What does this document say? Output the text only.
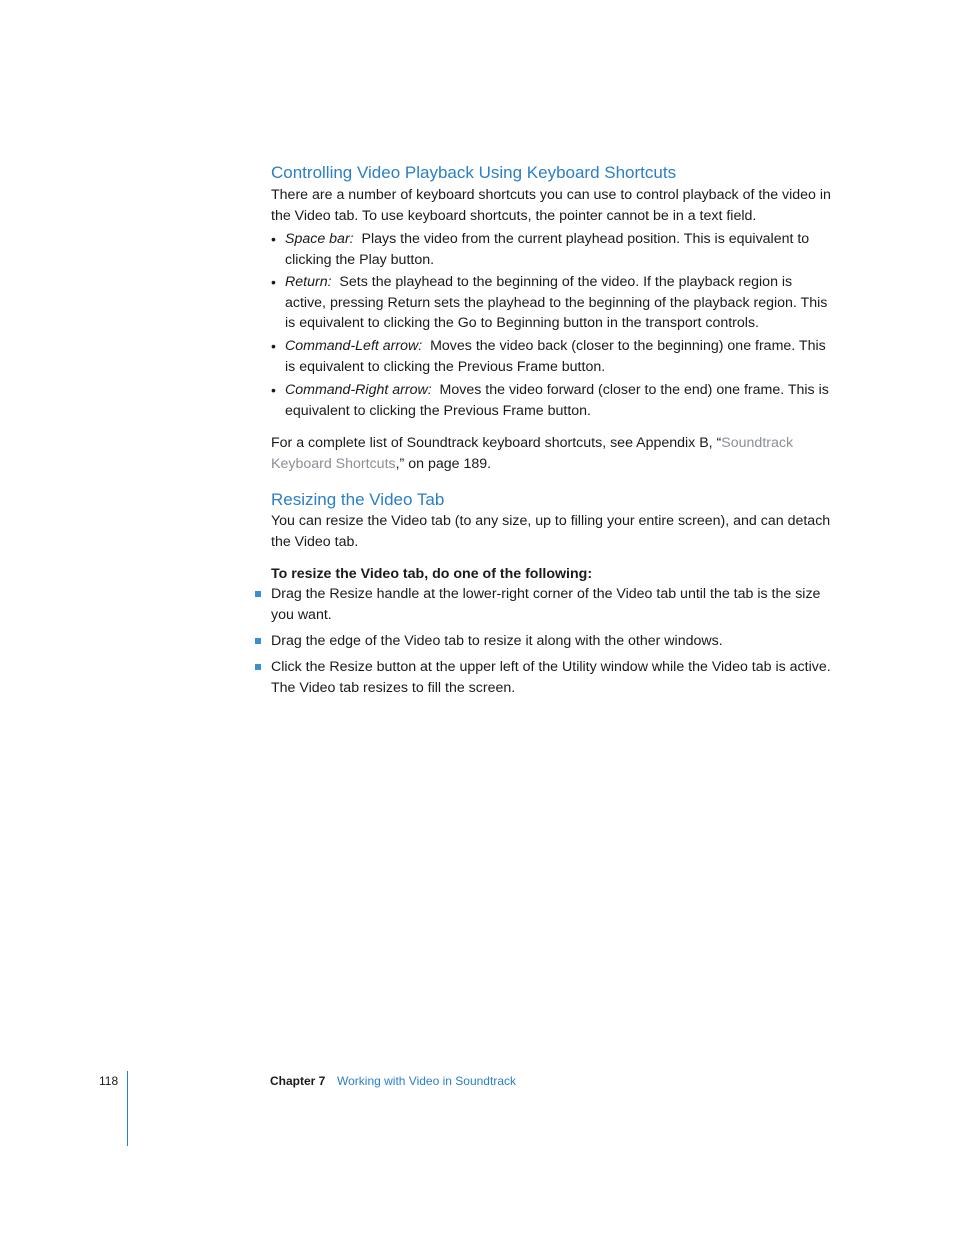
Controlling Video Playback Using Keyboard Shortcuts
There are a number of keyboard shortcuts you can use to control playback of the video in the Video tab. To use keyboard shortcuts, the pointer cannot be in a text field.
• Space bar: Plays the video from the current playhead position. This is equivalent to clicking the Play button.
• Return: Sets the playhead to the beginning of the video. If the playback region is active, pressing Return sets the playhead to the beginning of the playback region. This is equivalent to clicking the Go to Beginning button in the transport controls.
• Command-Left arrow: Moves the video back (closer to the beginning) one frame. This is equivalent to clicking the Previous Frame button.
• Command-Right arrow: Moves the video forward (closer to the end) one frame. This is equivalent to clicking the Previous Frame button.
For a complete list of Soundtrack keyboard shortcuts, see Appendix B, “Soundtrack Keyboard Shortcuts,” on page 189.
Resizing the Video Tab
You can resize the Video tab (to any size, up to filling your entire screen), and can detach the Video tab.
To resize the Video tab, do one of the following:
Drag the Resize handle at the lower-right corner of the Video tab until the tab is the size you want.
Drag the edge of the Video tab to resize it along with the other windows.
Click the Resize button at the upper left of the Utility window while the Video tab is active. The Video tab resizes to fill the screen.
118	Chapter 7 Working with Video in Soundtrack
